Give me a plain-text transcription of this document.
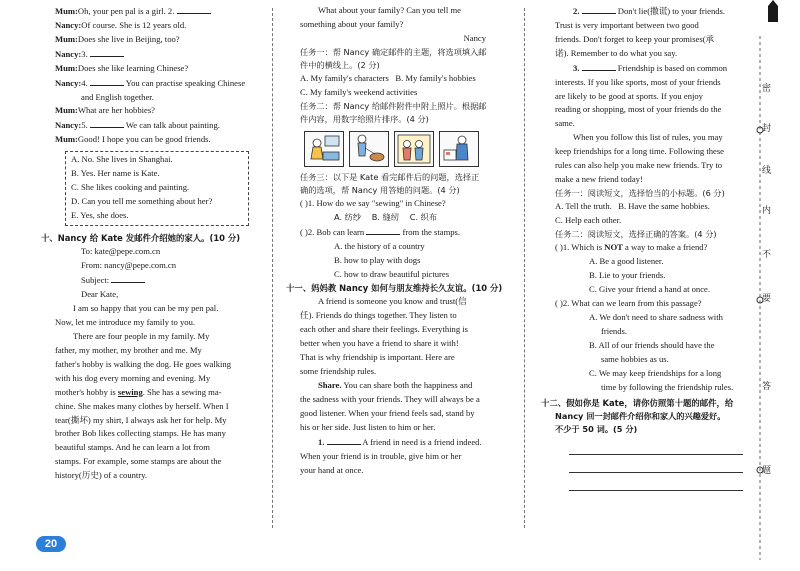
Mum:Oh, your pen pal is a girl. 2.
Nancy:Of course. She is 12 years old.
Mum:Does she live in Beijing, too?
Nancy:3.
Mum:Does she like learning Chinese?
Nancy:4.	You can practise speaking Chinese
and English together.
Mum:What are her hobbies?
Nancy:5.	We can talk about painting.
Mum:Good! I hope you can be good friends.
A. No. She lives in Shanghai.
B. Yes. Her name is Kate.
C. She likes cooking and painting.
D. Can you tell me something about her?
E. Yes, she does.
十、Nancy 给 Kate 发邮件介绍她的家人。(10 分)
To: kate@pepe.com.cn
From: nancy@pepe.com.cn
Subject:
Dear Kate,
I am so happy that you can be my pen pal.
Now, let me introduce my family to you.
There are four people in my family. My
father, my mother, my brother and me. My
father's hobby is walking the dog. He goes walking
with his dog every morning and evening. My
mother's hobby is sewing. She has a sewing ma-
chine. She makes many clothes by herself. When I
tear(撕坏) my shirt, I always ask her for help. My
brother Bob likes collecting stamps. He has many
beautiful stamps. And he can learn a lot from
stamps. For example, some stamps are about the
history(历史) of a country.
What about your family? Can you tell me
something about your family?
Nancy
任务一：帮 Nancy 确定邮件的主题，将选项填入邮
件中的横线上。(2 分)
A. My family's characters B. My family's hobbies
C. My family's weekend activities
任务二：帮 Nancy 给邮件附件中附上照片。根据邮
件内容，用数字给照片排序。(4 分)
任务三：以下是 Kate 看完邮件后的问题，选择正
确的选项，帮 Nancy 用答她的问题。(4 分)
( )1. How do we say "sewing" in Chinese?
A. 纺纱 B. 缝纫 C. 织布
( )2. Bob can learn	from the stamps.
A. the history of a country
B. how to play with dogs
C. how to draw beautiful pictures
十一、妈妈教 Nancy 如何与朋友维持长久友谊。(10 分)
A friend is someone you know and trust(信
任). Friends do things together. They listen to
each other and share their feelings. Everything is
better when you have a friend to share it with!
That is why friendship is important. Here are
some friendship rules.
Share. You can share both the happiness and
the sadness with your friends. They will always be a
good listener. When your friend feels sad, stand by
his or her side. Just listen to him or her.
1.	A friend in need is a friend indeed.
When your friend is in trouble, give him or her
your hand at once.
2.	Don't lie(撒谎) to your friends.
Trust is very important between two good
friends. Don't forget to keep your promises(承
诺). Remember to do what you say.
3.	Friendship is based on common
interests. If you like sports, most of your friends
are likely to be good at sports. If you enjoy
reading or shopping, most of your friends do the
same.
When you follow this list of rules, you may
keep friendships for a long time. Following these
rules can also help you make new friends. Try to
make a new friend today!
任务一：阅读短文，选择恰当的小标题。(6 分)
A. Tell the truth. B. Have the same hobbies.
C. Help each other.
任务二：阅读短文，选择正确的答案。(4 分)
( )1. Which is NOT a way to make a friend?
A. Be a good listener.
B. Lie to your friends.
C. Give your friend a hand at once.
( )2. What can we learn from this passage?
A. We don't need to share sadness with
friends.
B. All of our friends should have the
same hobbies as us.
C. We may keep friendships for a long
time by following the friendship rules.
十二、假如你是 Kate，请你仿照第十题的邮件，给
Nancy 回一封邮件介绍你和家人的兴趣爱好。
不少于 50 词。(5 分)
密
封
线
内
不
要
答
题
20
